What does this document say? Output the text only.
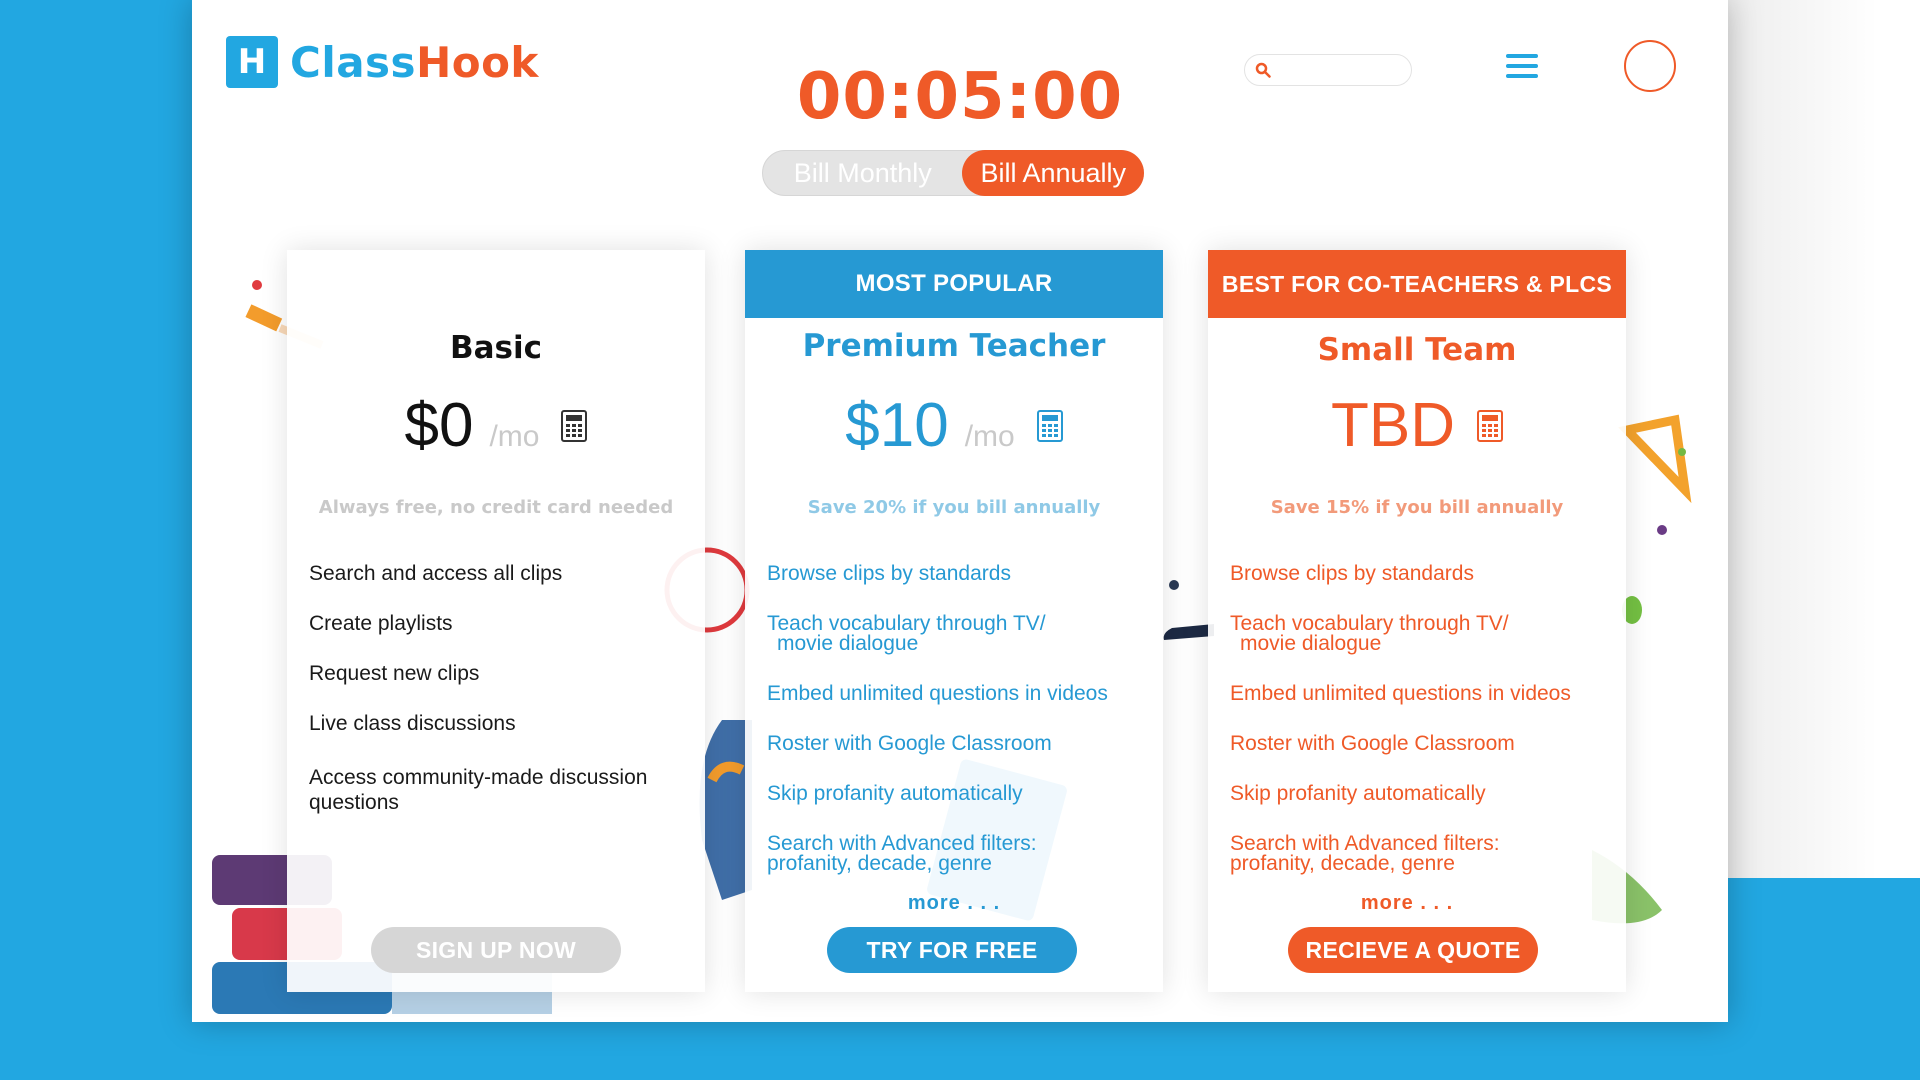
H ClassHook	00:05:00
Bill Monthly	Bill Annually
Basic
$0 /mo
Always free, no credit card needed
Search and access all clips
Create playlists
Request new clips
Live class discussions
Access community-made discussion
questions
SIGN UP NOW
MOST POPULAR
Premium Teacher
$10 /mo
Save 20% if you bill annually
Browse clips by standards
Teach vocabulary through TV/
movie dialogue
Embed unlimited questions in videos
Roster with Google Classroom
Skip profanity automatically
Search with Advanced filters:
profanity, decade, genre
more . . .
TRY FOR FREE
BEST FOR CO-TEACHERS & PLCS
Small Team
TBD
Save 15% if you bill annually
Browse clips by standards
Teach vocabulary through TV/
movie dialogue
Embed unlimited questions in videos
Roster with Google Classroom
Skip profanity automatically
Search with Advanced filters:
profanity, decade, genre
more . . .
RECIEVE A QUOTE
